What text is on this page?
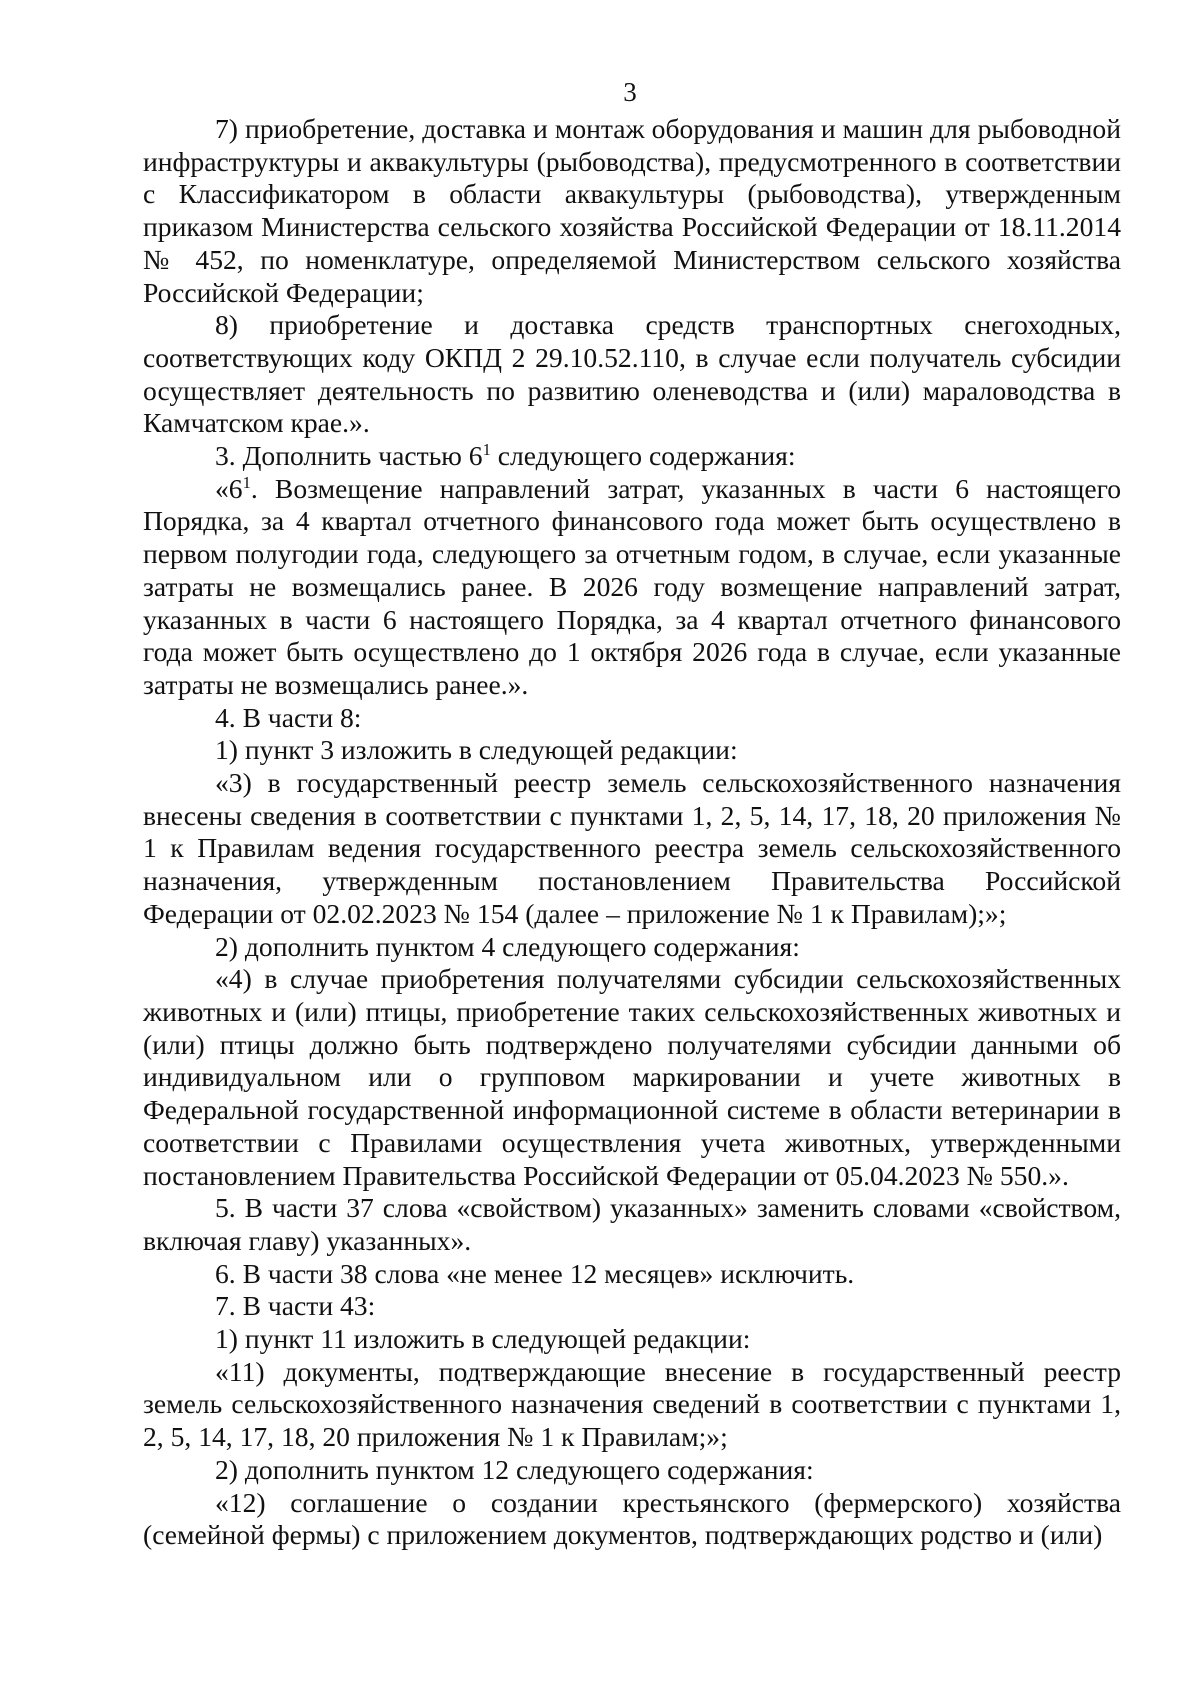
3

7) приобретение, доставка и монтаж оборудования и машин для рыбоводной инфраструктуры и аквакультуры (рыбоводства), предусмотренного в соответствии с Классификатором в области аквакультуры (рыбоводства), утвержденным приказом Министерства сельского хозяйства Российской Федерации от 18.11.2014 № 452, по номенклатуре, определяемой Министерством сельского хозяйства Российской Федерации;

8) приобретение и доставка средств транспортных снегоходных, соответствующих коду ОКПД 2 29.10.52.110, в случае если получатель субсидии осуществляет деятельность по развитию оленеводства и (или) мараловодства в Камчатском крае.».

3. Дополнить частью $6^1$ следующего содержания:

«$6^1$. Возмещение направлений затрат, указанных в части 6 настоящего Порядка, за 4 квартал отчетного финансового года может быть осуществлено в первом полугодии года, следующего за отчетным годом, в случае, если указанные затраты не возмещались ранее. В 2026 году возмещение направлений затрат, указанных в части 6 настоящего Порядка, за 4 квартал отчетного финансового года может быть осуществлено до 1 октября 2026 года в случае, если указанные затраты не возмещались ранее.».

4. В части 8:

1) пункт 3 изложить в следующей редакции:

«3) в государственный реестр земель сельскохозяйственного назначения внесены сведения в соответствии с пунктами 1, 2, 5, 14, 17, 18, 20 приложения № 1 к Правилам ведения государственного реестра земель сельскохозяйственного назначения, утвержденным постановлением Правительства Российской Федерации от 02.02.2023 № 154 (далее – приложение № 1 к Правилам);»;

2) дополнить пунктом 4 следующего содержания:

«4) в случае приобретения получателями субсидии сельскохозяйственных животных и (или) птицы, приобретение таких сельскохозяйственных животных и (или) птицы должно быть подтверждено получателями субсидии данными об индивидуальном или о групповом маркировании и учете животных в Федеральной государственной информационной системе в области ветеринарии в соответствии с Правилами осуществления учета животных, утвержденными постановлением Правительства Российской Федерации от 05.04.2023 № 550.».

5. В части 37 слова «свойством) указанных» заменить словами «свойством, включая главу) указанных».

6. В части 38 слова «не менее 12 месяцев» исключить.

7. В части 43:

1) пункт 11 изложить в следующей редакции:

«11) документы, подтверждающие внесение в государственный реестр земель сельскохозяйственного назначения сведений в соответствии с пунктами 1, 2, 5, 14, 17, 18, 20 приложения № 1 к Правилам;»;

2) дополнить пунктом 12 следующего содержания:

«12) соглашение о создании крестьянского (фермерского) хозяйства (семейной фермы) с приложением документов, подтверждающих родство и (или)
